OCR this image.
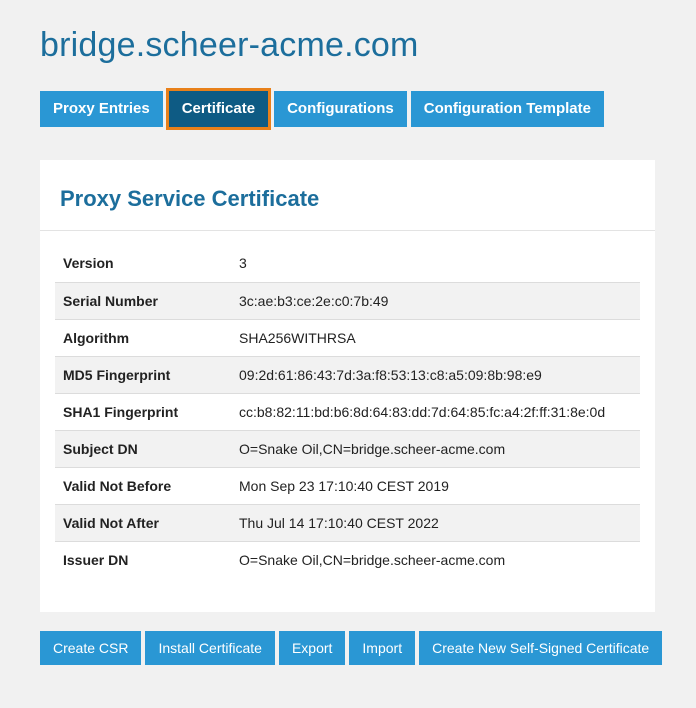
bridge.scheer-acme.com
Proxy Entries	Certificate	Configurations	Configuration Template
Proxy Service Certificate
Version	3
Serial Number	3c:ae:b3:ce:2e:c0:7b:49
Algorithm	SHA256WITHRSA
MD5 Fingerprint	09:2d:61:86:43:7d:3a:f8:53:13:c8:a5:09:8b:98:e9
SHA1 Fingerprint	cc:b8:82:11:bd:b6:8d:64:83:dd:7d:64:85:fc:a4:2f:ff:31:8e:0d
Subject DN	O=Snake Oil,CN=bridge.scheer-acme.com
Valid Not Before	Mon Sep 23 17:10:40 CEST 2019
Valid Not After	Thu Jul 14 17:10:40 CEST 2022
Issuer DN	O=Snake Oil,CN=bridge.scheer-acme.com
Create CSR	Install Certificate	Export	Import	Create New Self-Signed Certificate
